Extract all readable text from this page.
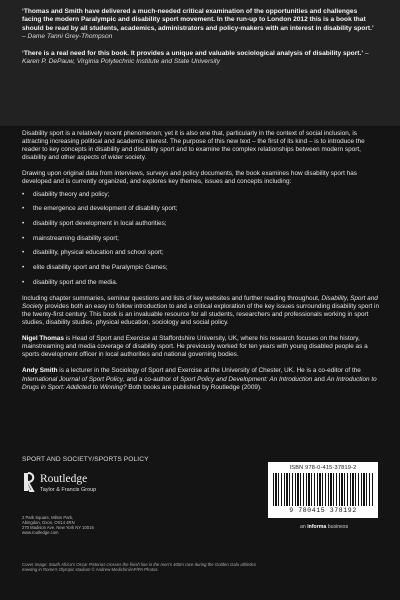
‘Thomas and Smith have delivered a much-needed critical examination of the opportunities and challenges facing the modern Paralympic and disability sport movement. In the run-up to London 2012 this is a book that should be read by all students, academics, administrators and policy-makers with an interest in disability sport.’ – Dame Tanni Grey-Thompson

‘There is a real need for this book. It provides a unique and valuable sociological analysis of disability sport.’ – Karen P. DePauw, Virginia Polytechnic Institute and State University

Disability sport is a relatively recent phenomenon; yet it is also one that, particularly in the context of social inclusion, is attracting increasing political and academic interest. The purpose of this new text – the first of its kind – is to introduce the reader to key concepts in disability and disability sport and to examine the complex relationships between modern sport, disability and other aspects of wider society.

Drawing upon original data from interviews, surveys and policy documents, the book examines how disability sport has developed and is currently organized, and explores key themes, issues and concepts including:

• disability theory and policy;
• the emergence and development of disability sport;
• disability sport development in local authorities;
• mainstreaming disability sport;
• disability, physical education and school sport;
• elite disability sport and the Paralympic Games;
• disability sport and the media.

Including chapter summaries, seminar questions and lists of key websites and further reading throughout, Disability, Sport and Society provides both an easy to follow introduction to and a critical exploration of the key issues surrounding disability sport in the twenty-first century. This book is an invaluable resource for all students, researchers and professionals working in sport studies, disability studies, physical education, sociology and social policy.

Nigel Thomas is Head of Sport and Exercise at Staffordshire University, UK, where his research focuses on the history, mainstreaming and media coverage of disability sport. He previously worked for ten years with young disabled people as a sports development officer in local authorities and national governing bodies.

Andy Smith is a lecturer in the Sociology of Sport and Exercise at the University of Chester, UK. He is a co-editor of the International Journal of Sport Policy, and a co-author of Sport Policy and Development: An Introduction and An Introduction to Drugs in Sport: Addicted to Winning? Both books are published by Routledge (2009).

SPORT AND SOCIETY/SPORTS POLICY
Routledge
Taylor & Francis Group
2 Park Square, Milton Park,
Abingdon, Oxon, OX14 4RN
270 Madison Ave, New York NY 10016
www.routledge.com
ISBN 978-0-415-37819-2
9 780415 378192
an informa business
Cover image: South Africa’s Oscar Pistorius crosses the finish line in the men’s 400m race during the Golden Gala athletics meeting in Rome’s Olympic stadium © Andrew Medichini/AP/PA Photos
